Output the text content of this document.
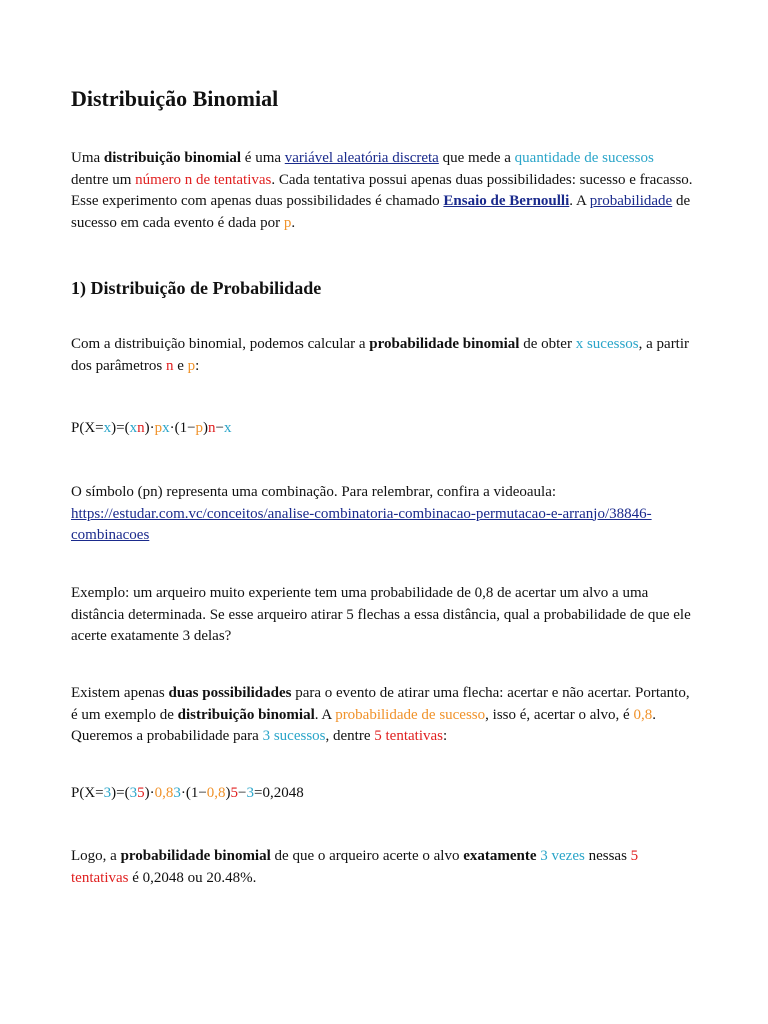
Distribuição Binomial
Uma distribuição binomial é uma variável aleatória discreta que mede a quantidade de sucessos
dentre um número n de tentativas. Cada tentativa possui apenas duas possibilidades: sucesso e fracasso.
Esse experimento com apenas duas possibilidades é chamado Ensaio de Bernoulli. A probabilidade de
sucesso em cada evento é dada por p.
1) Distribuição de Probabilidade
Com a distribuição binomial, podemos calcular a probabilidade binomial de obter x sucessos, a partir
dos parâmetros n e p:
P(X=x)=(xn)·px·(1−p)n−x
O símbolo (pn) representa uma combinação. Para relembrar, confira a videoaula:
https://estudar.com.vc/conceitos/analise-combinatoria-combinacao-permutacao-e-arranjo/38846-
combinacoes
Exemplo: um arqueiro muito experiente tem uma probabilidade de 0,8 de acertar um alvo a uma
distância determinada. Se esse arqueiro atirar 5 flechas a essa distância, qual a probabilidade de que ele
acerte exatamente 3 delas?
Existem apenas duas possibilidades para o evento de atirar uma flecha: acertar e não acertar. Portanto,
é um exemplo de distribuição binomial. A probabilidade de sucesso, isso é, acertar o alvo, é 0,8.
Queremos a probabilidade para 3 sucessos, dentre 5 tentativas:
P(X=3)=(35)·0,83·(1−0,8)5−3=0,2048
Logo, a probabilidade binomial de que o arqueiro acerte o alvo exatamente 3 vezes nessas 5
tentativas é 0,2048 ou 20.48%.
